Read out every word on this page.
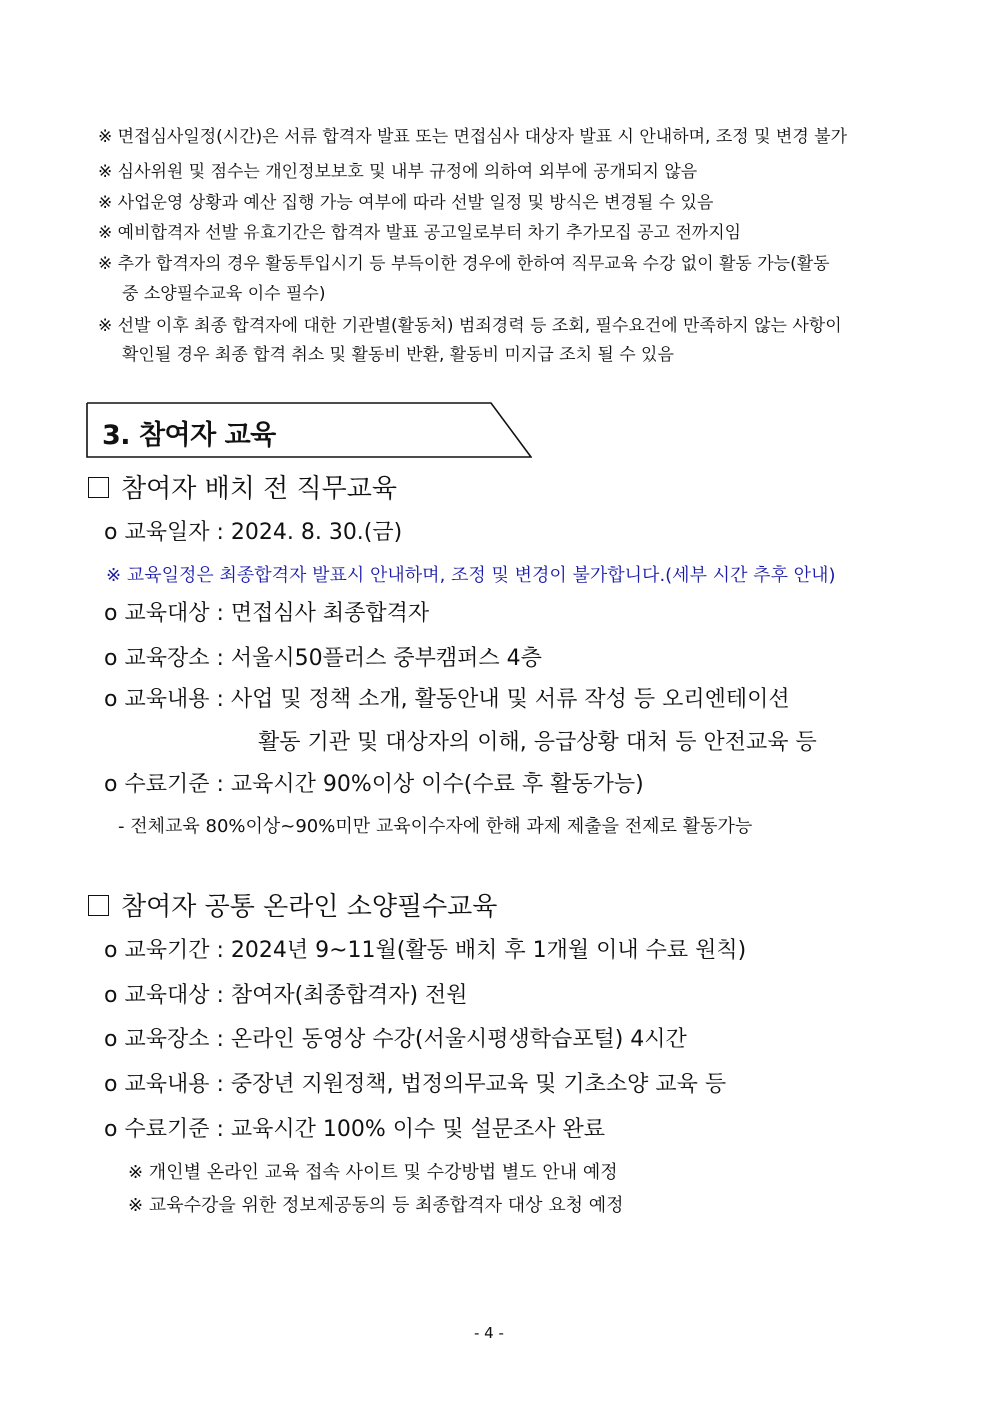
※ 면접심사일정(시간)은 서류 합격자 발표 또는 면접심사 대상자 발표 시 안내하며, 조정 및 변경 불가
※ 심사위원 및 점수는 개인정보보호 및 내부 규정에 의하여 외부에 공개되지 않음
※ 사업운영 상황과 예산 집행 가능 여부에 따라 선발 일정 및 방식은 변경될 수 있음
※ 예비합격자 선발 유효기간은 합격자 발표 공고일로부터 차기 추가모집 공고 전까지임
※ 추가 합격자의 경우 활동투입시기 등 부득이한 경우에 한하여 직무교육 수강 없이 활동 가능(활동
중 소양필수교육 이수 필수)
※ 선발 이후 최종 합격자에 대한 기관별(활동처) 범죄경력 등 조회, 필수요건에 만족하지 않는 사항이
확인될 경우 최종 합격 취소 및 활동비 반환, 활동비 미지급 조치 될 수 있음
3. 참여자 교육
참여자 배치 전 직무교육
o 교육일자 : 2024. 8. 30.(금)
※ 교육일정은 최종합격자 발표시 안내하며, 조정 및 변경이 불가합니다.(세부 시간 추후 안내)
o 교육대상 : 면접심사 최종합격자
o 교육장소 : 서울시50플러스 중부캠퍼스 4층
o 교육내용 : 사업 및 정책 소개, 활동안내 및 서류 작성 등 오리엔테이션
활동 기관 및 대상자의 이해, 응급상황 대처 등 안전교육 등
o 수료기준 : 교육시간 90%이상 이수(수료 후 활동가능)
- 전체교육 80%이상~90%미만 교육이수자에 한해 과제 제출을 전제로 활동가능
참여자 공통 온라인 소양필수교육
o 교육기간 : 2024년 9~11월(활동 배치 후 1개월 이내 수료 원칙)
o 교육대상 : 참여자(최종합격자) 전원
o 교육장소 : 온라인 동영상 수강(서울시평생학습포털) 4시간
o 교육내용 : 중장년 지원정책, 법정의무교육 및 기초소양 교육 등
o 수료기준 : 교육시간 100% 이수 및 설문조사 완료
※ 개인별 온라인 교육 접속 사이트 및 수강방법 별도 안내 예정
※ 교육수강을 위한 정보제공동의 등 최종합격자 대상 요청 예정
- 4 -
